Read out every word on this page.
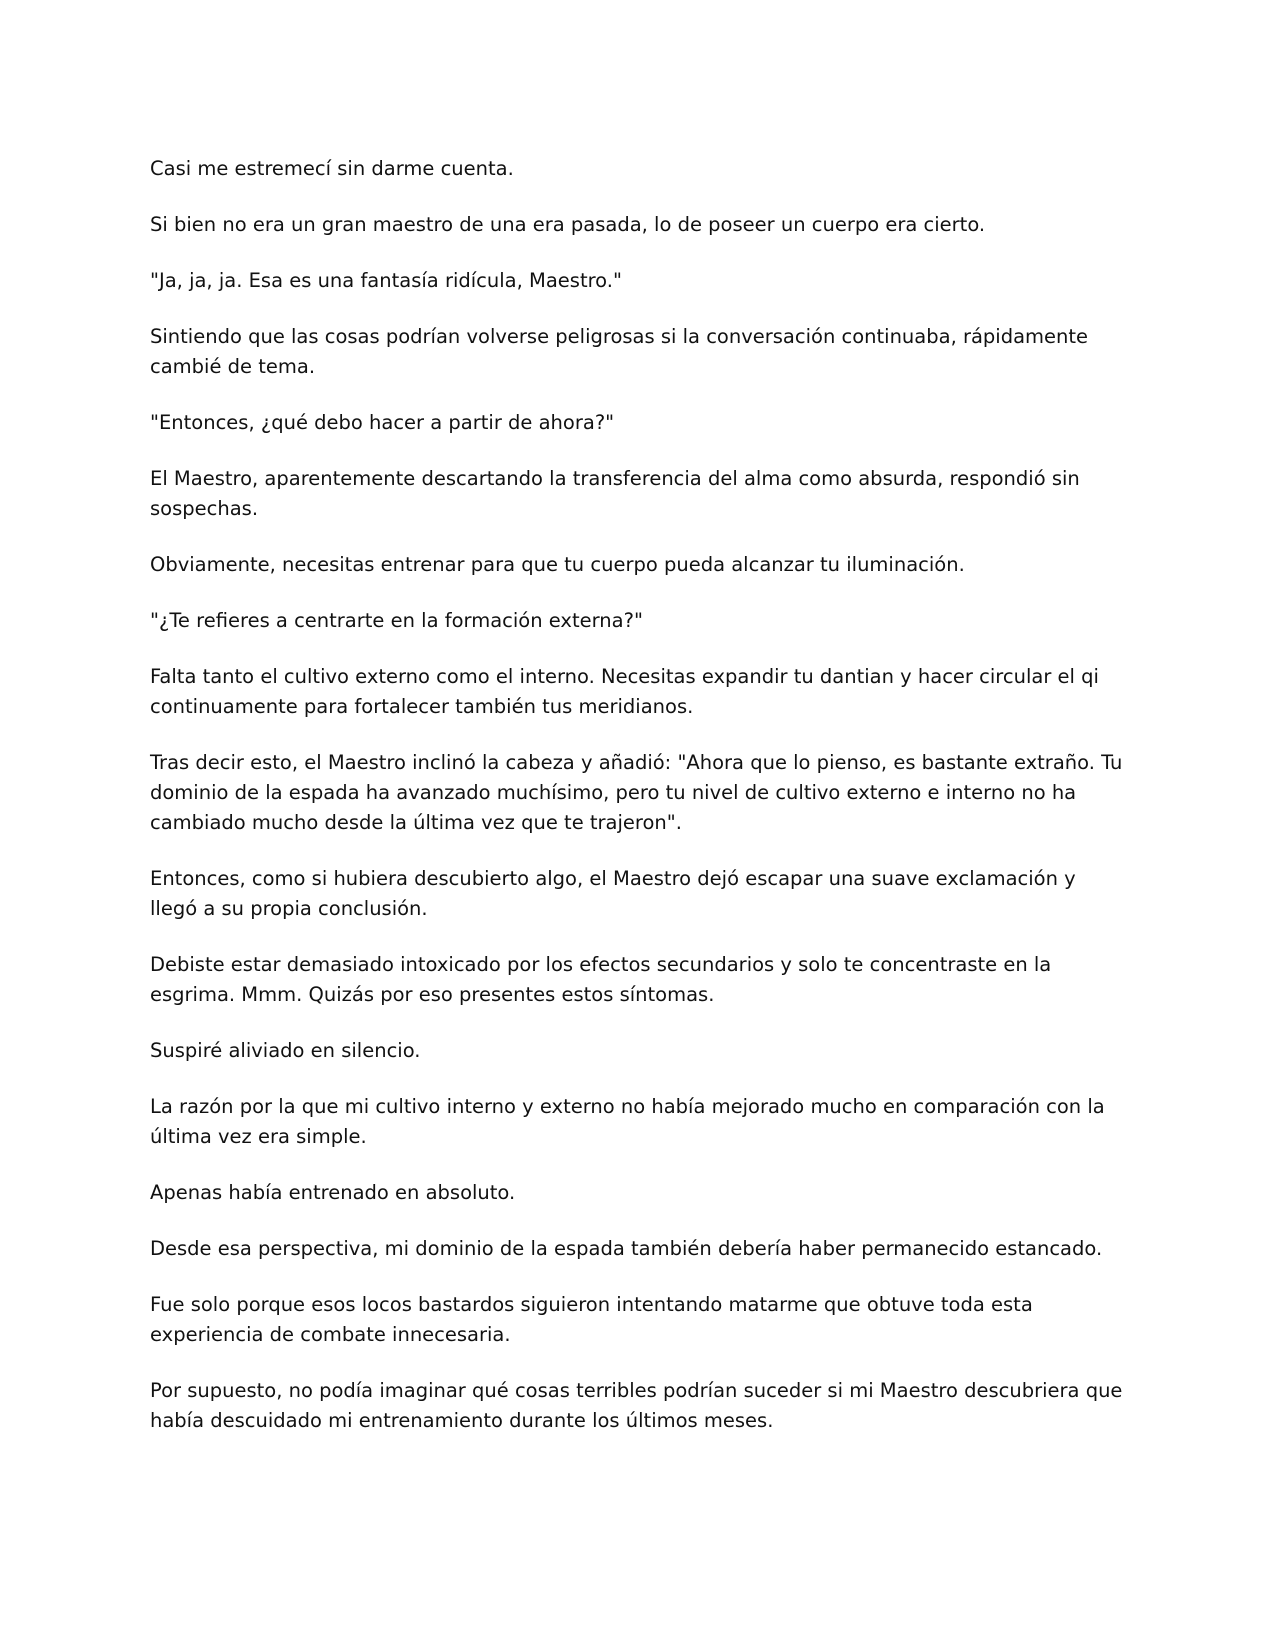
Casi me estremecí sin darme cuenta.

Si bien no era un gran maestro de una era pasada, lo de poseer un cuerpo era cierto.

"Ja, ja, ja. Esa es una fantasía ridícula, Maestro."

Sintiendo que las cosas podrían volverse peligrosas si la conversación continuaba, rápidamente cambié de tema.

"Entonces, ¿qué debo hacer a partir de ahora?"

El Maestro, aparentemente descartando la transferencia del alma como absurda, respondió sin sospechas.

Obviamente, necesitas entrenar para que tu cuerpo pueda alcanzar tu iluminación.

"¿Te refieres a centrarte en la formación externa?"

Falta tanto el cultivo externo como el interno. Necesitas expandir tu dantian y hacer circular el qi continuamente para fortalecer también tus meridianos.

Tras decir esto, el Maestro inclinó la cabeza y añadió: "Ahora que lo pienso, es bastante extraño. Tu dominio de la espada ha avanzado muchísimo, pero tu nivel de cultivo externo e interno no ha cambiado mucho desde la última vez que te trajeron".

Entonces, como si hubiera descubierto algo, el Maestro dejó escapar una suave exclamación y llegó a su propia conclusión.

Debiste estar demasiado intoxicado por los efectos secundarios y solo te concentraste en la esgrima. Mmm. Quizás por eso presentes estos síntomas.

Suspiré aliviado en silencio.

La razón por la que mi cultivo interno y externo no había mejorado mucho en comparación con la última vez era simple.

Apenas había entrenado en absoluto.

Desde esa perspectiva, mi dominio de la espada también debería haber permanecido estancado.

Fue solo porque esos locos bastardos siguieron intentando matarme que obtuve toda esta experiencia de combate innecesaria.

Por supuesto, no podía imaginar qué cosas terribles podrían suceder si mi Maestro descubriera que había descuidado mi entrenamiento durante los últimos meses.
